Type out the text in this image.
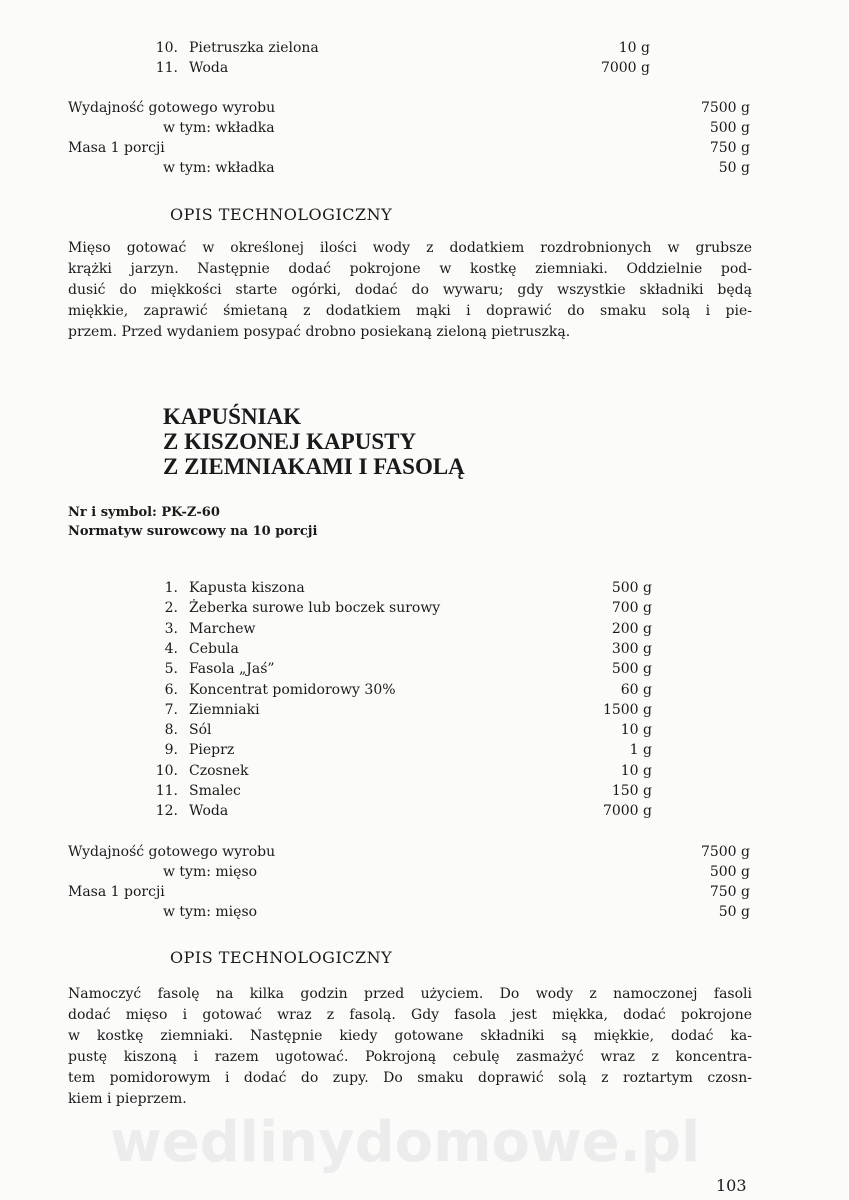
wedlinydomowe.pl
10. Pietruszka zielona	10 g
11. Woda	7000 g
Wydajność gotowego wyrobu	7500 g
w tym: wkładka	500 g
Masa 1 porcji	750 g
w tym: wkładka	50 g
OPIS TECHNOLOGICZNY
Mięso gotować w określonej ilości wody z dodatkiem rozdrobnionych w grubsze
krążki jarzyn. Następnie dodać pokrojone w kostkę ziemniaki. Oddzielnie pod-
dusić do miękkości starte ogórki, dodać do wywaru; gdy wszystkie składniki będą
miękkie, zaprawić śmietaną z dodatkiem mąki i doprawić do smaku solą i pie-
przem. Przed wydaniem posypać drobno posiekaną zieloną pietruszką.
KAPUŚNIAK
Z KISZONEJ KAPUSTY
Z ZIEMNIAKAMI I FASOLĄ
Nr i symbol: PK-Z-60
Normatyw surowcowy na 10 porcji
1. Kapusta kiszona	500 g
2. Żeberka surowe lub boczek surowy	700 g
3. Marchew	200 g
4. Cebula	300 g
5. Fasola „Jaś”	500 g
6. Koncentrat pomidorowy 30%	60 g
7. Ziemniaki	1500 g
8. Sól	10 g
9. Pieprz	1 g
10. Czosnek	10 g
11. Smalec	150 g
12. Woda	7000 g
Wydajność gotowego wyrobu	7500 g
w tym: mięso	500 g
Masa 1 porcji	750 g
w tym: mięso	50 g
OPIS TECHNOLOGICZNY
Namoczyć fasolę na kilka godzin przed użyciem. Do wody z namoczonej fasoli
dodać mięso i gotować wraz z fasolą. Gdy fasola jest miękka, dodać pokrojone
w kostkę ziemniaki. Następnie kiedy gotowane składniki są miękkie, dodać ka-
pustę kiszoną i razem ugotować. Pokrojoną cebulę zasmażyć wraz z koncentra-
tem pomidorowym i dodać do zupy. Do smaku doprawić solą z roztartym czosn-
kiem i pieprzem.
103
